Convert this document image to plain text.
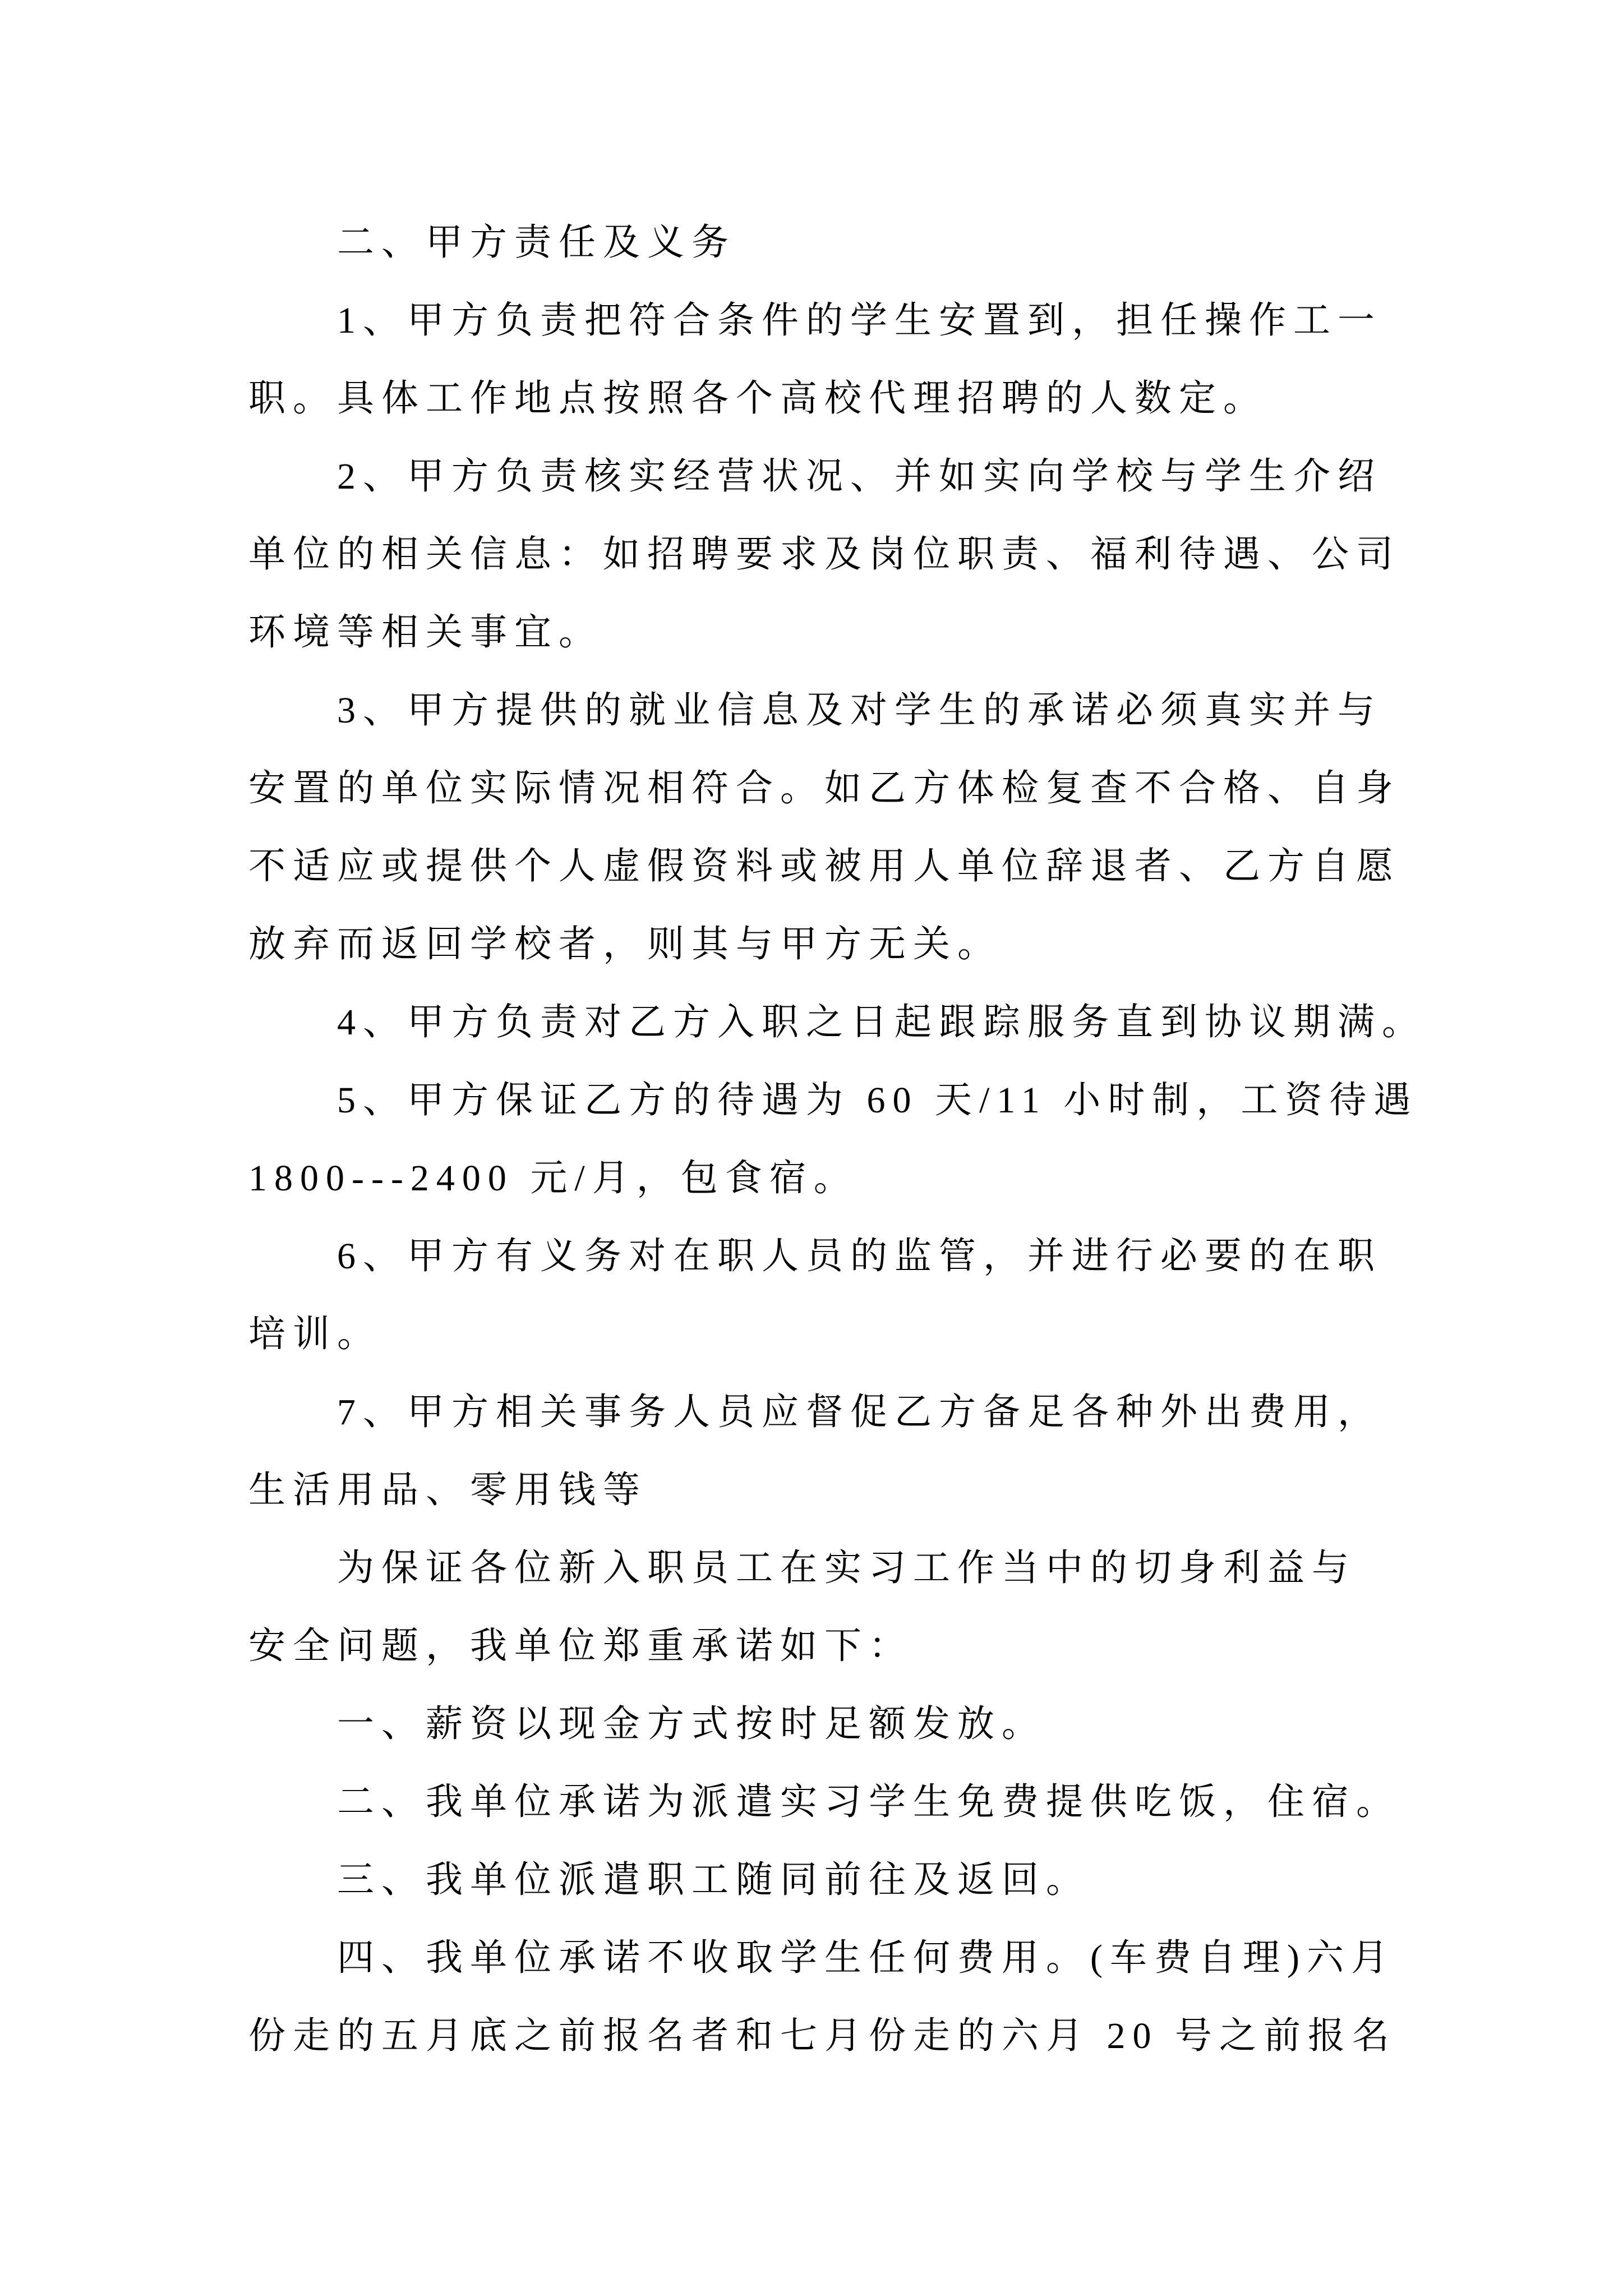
二、甲方责任及义务
1、甲方负责把符合条件的学生安置到，担任操作工一
职。具体工作地点按照各个高校代理招聘的人数定。
2、甲方负责核实经营状况、并如实向学校与学生介绍
单位的相关信息：如招聘要求及岗位职责、福利待遇、公司
环境等相关事宜。
3、甲方提供的就业信息及对学生的承诺必须真实并与
安置的单位实际情况相符合。如乙方体检复查不合格、自身
不适应或提供个人虚假资料或被用人单位辞退者、乙方自愿
放弃而返回学校者，则其与甲方无关。
4、甲方负责对乙方入职之日起跟踪服务直到协议期满。
5、甲方保证乙方的待遇为 60 天/11 小时制，工资待遇
1800---2400 元/月，包食宿。
6、甲方有义务对在职人员的监管，并进行必要的在职
培训。
7、甲方相关事务人员应督促乙方备足各种外出费用，
生活用品、零用钱等
为保证各位新入职员工在实习工作当中的切身利益与
安全问题，我单位郑重承诺如下：
一、薪资以现金方式按时足额发放。
二、我单位承诺为派遣实习学生免费提供吃饭，住宿。
三、我单位派遣职工随同前往及返回。
四、我单位承诺不收取学生任何费用。(车费自理)六月
份走的五月底之前报名者和七月份走的六月 20 号之前报名
